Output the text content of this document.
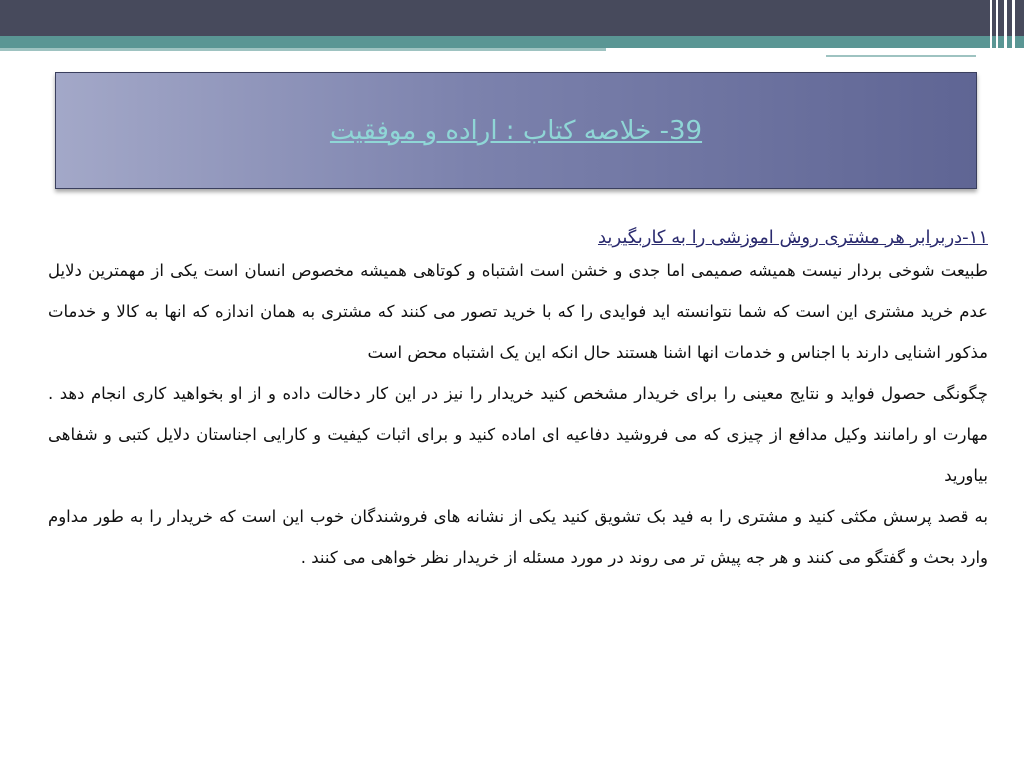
39- خلاصه کتاب : اراده و موفقیت
۱۱-دربرابر هر مشتری روش اموزشی را به کاربگیرید

طبیعت شوخی بردار نیست همیشه صمیمی اما جدی و خشن است اشتباه و کوتاهی همیشه مخصوص انسان است یکی از مهمترین دلایل عدم خرید مشتری این است که شما نتوانسته اید فوایدی را که با خرید تصور می کنند که مشتری به همان اندازه که انها به کالا و خدمات مذکور اشنایی دارند با اجناس و خدمات انها اشنا هستند حال انکه این یک اشتباه محض است

چگونگی حصول فواید و نتایج معینی را برای خریدار مشخص کنید خریدار را نیز در این کار دخالت داده و از او بخواهید کاری انجام دهد . مهارت او رامانند وکیل مدافع از چیزی که می فروشید دفاعیه ای اماده کنید و برای اثبات کیفیت و کارایی اجناستان دلایل کتبی و شفاهی بیاورید

به قصد پرسش مکثی کنید و مشتری را به فید بک تشویق کنید یکی از نشانه های فروشندگان خوب این است که خریدار را به طور مداوم وارد بحث و گفتگو می کنند و هر جه پیش تر می روند در مورد مسئله از خریدار نظر خواهی می کنند .
